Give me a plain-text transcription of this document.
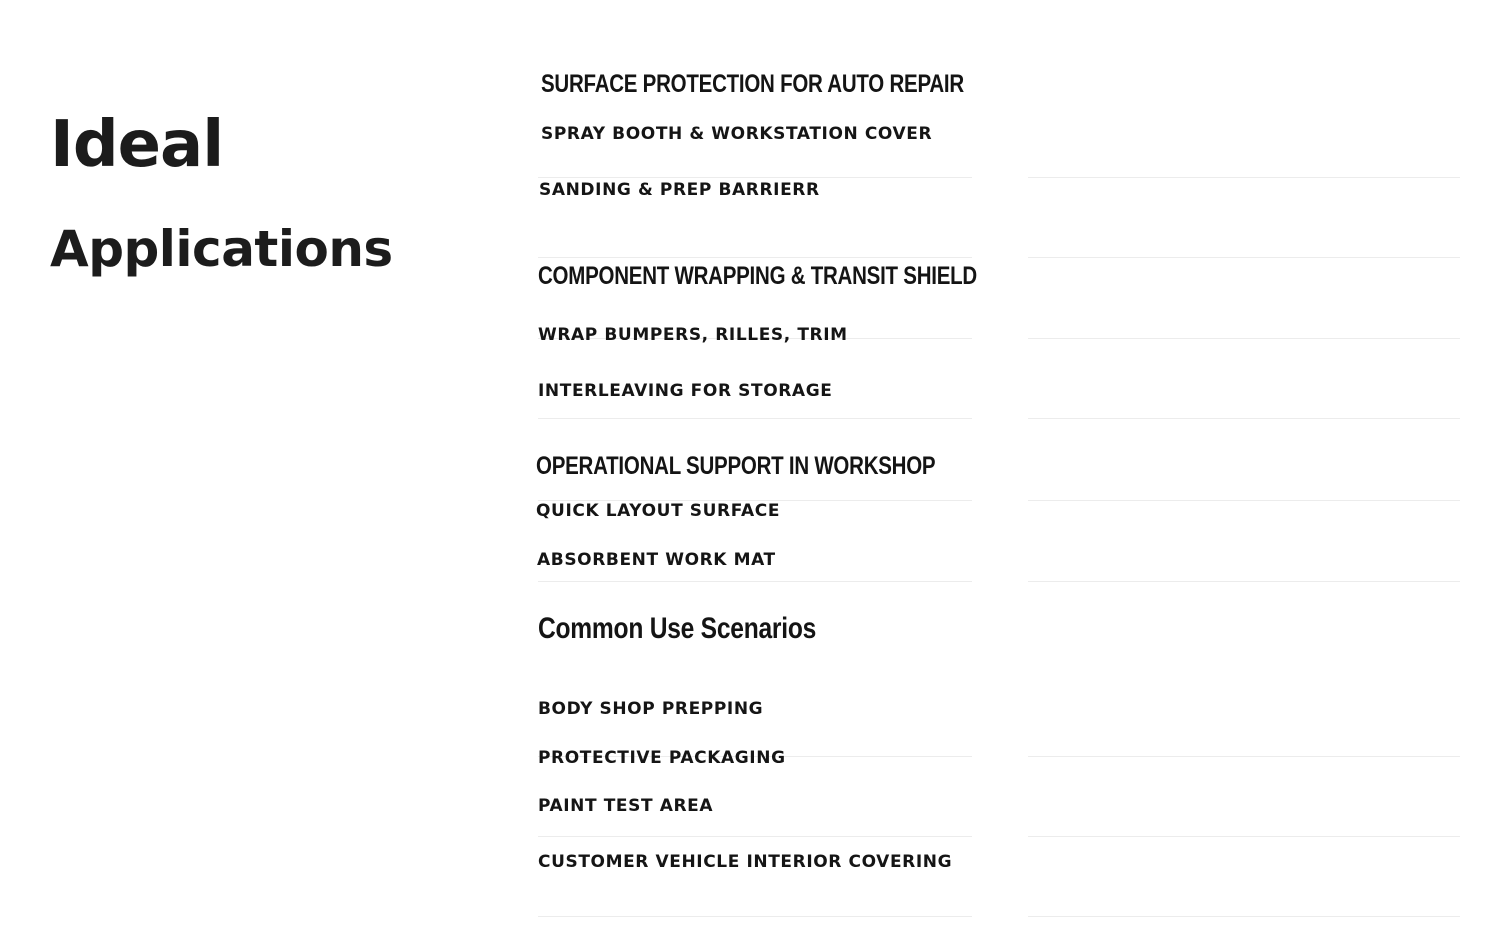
Ideal
Applications
SURFACE PROTECTION FOR AUTO REPAIR

SPRAY BOOTH & WORKSTATION COVER

SANDING & PREP BARRIERR

COMPONENT WRAPPING & TRANSIT SHIELD

WRAP BUMPERS, RILLES, TRIM

INTERLEAVING FOR STORAGE

OPERATIONAL SUPPORT IN WORKSHOP

QUICK LAYOUT SURFACE

ABSORBENT WORK MAT

Common Use Scenarios

BODY SHOP PREPPING

PROTECTIVE PACKAGING

PAINT TEST AREA

CUSTOMER VEHICLE INTERIOR COVERING
